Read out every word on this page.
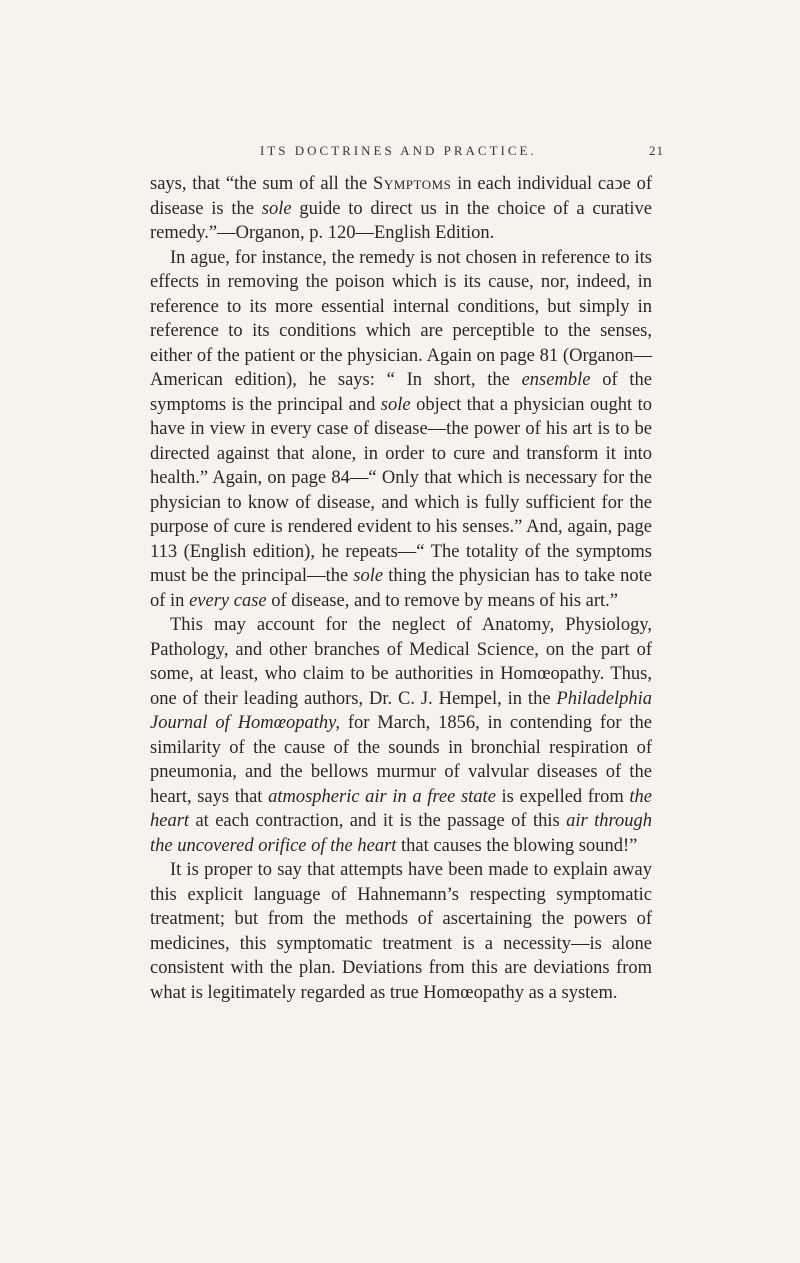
ITS DOCTRINES AND PRACTICE.	21

says, that “the sum of all the Symptoms in each individual caↄe of disease is the sole guide to direct us in the choice of a curative remedy.”—Organon, p. 120—English Edition.

In ague, for instance, the remedy is not chosen in reference to its effects in removing the poison which is its cause, nor, indeed, in reference to its more essential internal conditions, but simply in reference to its conditions which are perceptible to the senses, either of the patient or the physician. Again on page 81 (Organon—American edition), he says: “ In short, the ensemble of the symptoms is the principal and sole object that a physician ought to have in view in every case of disease—the power of his art is to be directed against that alone, in order to cure and transform it into health.” Again, on page 84—“ Only that which is necessary for the physician to know of disease, and which is fully sufficient for the purpose of cure is rendered evident to his senses.” And, again, page 113 (English edition), he repeats—“ The totality of the symptoms must be the principal—the sole thing the physician has to take note of in every case of disease, and to remove by means of his art.”

This may account for the neglect of Anatomy, Physiology, Pathology, and other branches of Medical Science, on the part of some, at least, who claim to be authorities in Homœopathy. Thus, one of their leading authors, Dr. C. J. Hempel, in the Philadelphia Journal of Homœopathy, for March, 1856, in contending for the similarity of the cause of the sounds in bronchial respiration of pneumonia, and the bellows murmur of valvular diseases of the heart, says that atmospheric air in a free state is expelled from the heart at each contraction, and it is the passage of this air through the uncovered orifice of the heart that causes the blowing sound!”

It is proper to say that attempts have been made to explain away this explicit language of Hahnemann’s respecting symptomatic treatment; but from the methods of ascertaining the powers of medicines, this symptomatic treatment is a necessity—is alone consistent with the plan. Deviations from this are deviations from what is legitimately regarded as true Homœopathy as a system.
